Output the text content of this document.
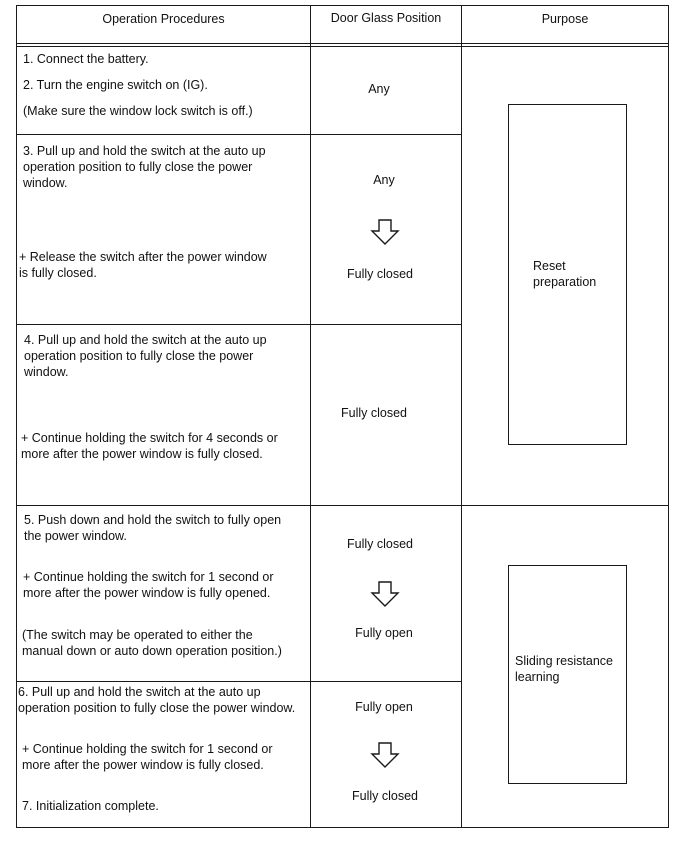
Operation Procedures	Door Glass Position	Purpose
1. Connect the battery.
2. Turn the engine switch on (IG).
(Make sure the window lock switch is off.)
Any
3. Pull up and hold the switch at the auto up
operation position to fully close the power
window.
+ Release the switch after the power window
is fully closed.
Any
Fully closed
4. Pull up and hold the switch at the auto up
operation position to fully close the power
window.
+ Continue holding the switch for 4 seconds or
more after the power window is fully closed.
Fully closed
5. Push down and hold the switch to fully open
the power window.
+ Continue holding the switch for 1 second or
more after the power window is fully opened.
(The switch may be operated to either the
manual down or auto down operation position.)
Fully closed
Fully open
6. Pull up and hold the switch at the auto up
operation position to fully close the power window.
+ Continue holding the switch for 1 second or
more after the power window is fully closed.
7. Initialization complete.
Fully open
Fully closed
Reset
preparation
Sliding resistance
learning
